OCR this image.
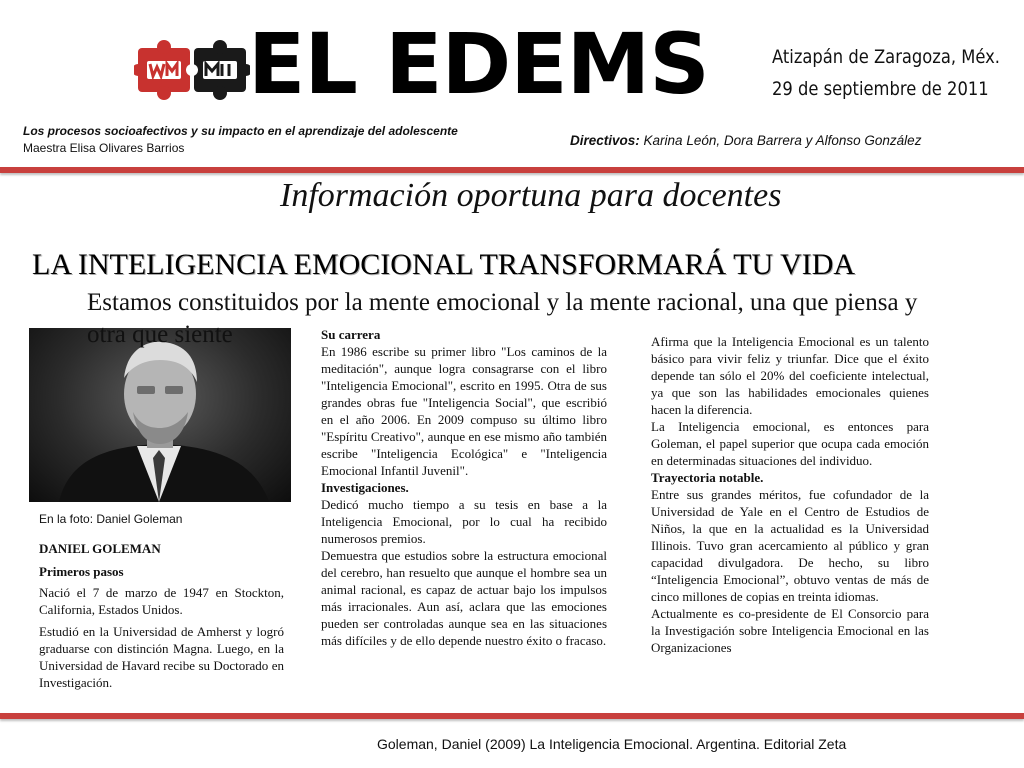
EL EDEMS	Atizapán de Zaragoza, Méx.
29 de septiembre de 2011
Los procesos socioafectivos y su impacto en el aprendizaje del adolescente
Maestra Elisa Olivares Barrios	Directivos: Karina León, Dora Barrera y Alfonso González
Información oportuna para docentes
LA INTELIGENCIA EMOCIONAL TRANSFORMARÁ TU VIDA
Estamos constituidos por la mente emocional y la mente racional, una que piensa y otra que siente
En la foto: Daniel Goleman

DANIEL GOLEMAN

Primeros pasos

Nació el 7 de marzo de 1947 en Stockton, California, Estados Unidos.

Estudió en la Universidad de Amherst y logró graduarse con distinción Magna. Luego, en la Universidad de Havard recibe su Doctorado en Investigación.

Su carrera

En 1986 escribe su primer libro "Los caminos de la meditación", aunque logra consagrarse con el libro "Inteligencia Emocional", escrito en 1995. Otra de sus grandes obras fue "Inteligencia Social", que escribió en el año 2006. En 2009 compuso su último libro "Espíritu Creativo", aunque en ese mismo año también escribe "Inteligencia Ecológica" e "Inteligencia Emocional Infantil Juvenil".

Investigaciones.

Dedicó mucho tiempo a su tesis en base a la Inteligencia Emocional, por lo cual ha recibido numerosos premios.

Demuestra que estudios sobre la estructura emocional del cerebro, han resuelto que aunque el hombre sea un animal racional, es capaz de actuar bajo los impulsos más irracionales. Aun así, aclara que las emociones pueden ser controladas aunque sea en las situaciones más difíciles y de ello depende nuestro éxito o fracaso.

Afirma que la Inteligencia Emocional es un talento básico para vivir feliz y triunfar. Dice que el éxito depende tan sólo el 20% del coeficiente intelectual, ya que son las habilidades emocionales quienes hacen la diferencia.

La Inteligencia emocional, es entonces para Goleman, el papel superior que ocupa cada emoción en determinadas situaciones del individuo.

Trayectoria notable.

Entre sus grandes méritos, fue cofundador de la Universidad de Yale en el Centro de Estudios de Niños, la que en la actualidad es la Universidad Illinois. Tuvo gran acercamiento al público y gran capacidad divulgadora. De hecho, su libro “Inteligencia Emocional”, obtuvo ventas de más de cinco millones de copias en treinta idiomas.

Actualmente es co-presidente de El Consorcio para la Investigación sobre Inteligencia Emocional en las Organizaciones

Goleman, Daniel (2009) La Inteligencia Emocional. Argentina. Editorial Zeta
